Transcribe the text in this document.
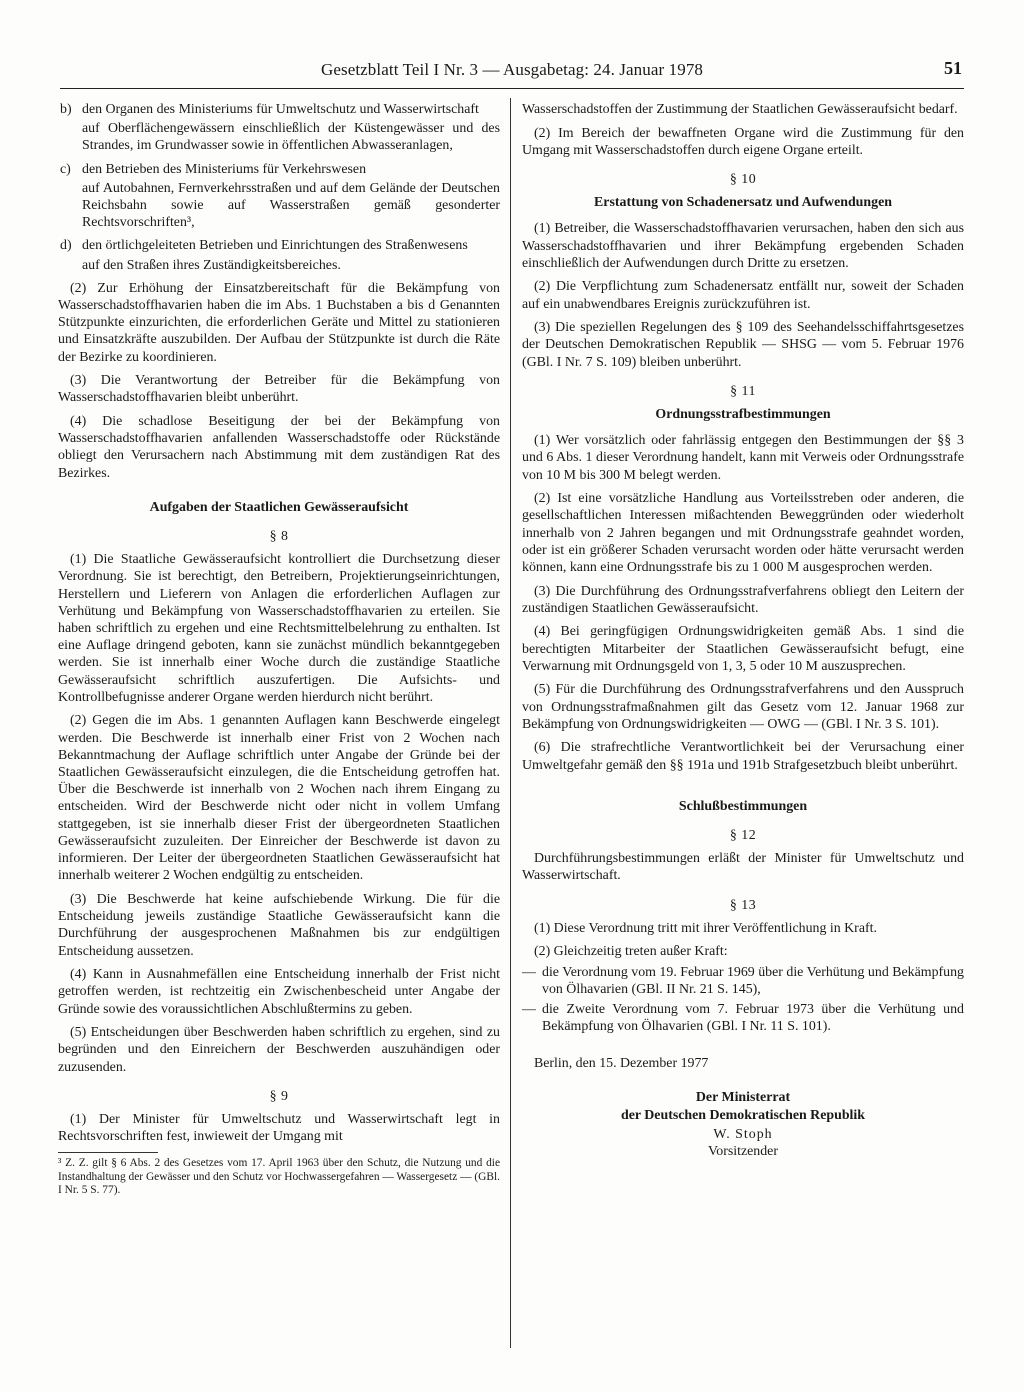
Gesetzblatt Teil I Nr. 3 — Ausgabetag: 24. Januar 1978	51
b) den Organen des Ministeriums für Umweltschutz und Wasserwirtschaft

auf Oberflächengewässern einschließlich der Küstengewässer und des Strandes, im Grundwasser sowie in öffentlichen Abwasseranlagen,

c) den Betrieben des Ministeriums für Verkehrswesen

auf Autobahnen, Fernverkehrsstraßen und auf dem Gelände der Deutschen Reichsbahn sowie auf Wasserstraßen gemäß gesonderter Rechtsvorschriften³,

d) den örtlichgeleiteten Betrieben und Einrichtungen des Straßenwesens

auf den Straßen ihres Zuständigkeitsbereiches.

(2) Zur Erhöhung der Einsatzbereitschaft für die Bekämpfung von Wasserschadstoffhavarien haben die im Abs. 1 Buchstaben a bis d Genannten Stützpunkte einzurichten, die erforderlichen Geräte und Mittel zu stationieren und Einsatzkräfte auszubilden. Der Aufbau der Stützpunkte ist durch die Räte der Bezirke zu koordinieren.

(3) Die Verantwortung der Betreiber für die Bekämpfung von Wasserschadstoffhavarien bleibt unberührt.

(4) Die schadlose Beseitigung der bei der Bekämpfung von Wasserschadstoffhavarien anfallenden Wasserschadstoffe oder Rückstände obliegt den Verursachern nach Abstimmung mit dem zuständigen Rat des Bezirkes.

Aufgaben der Staatlichen Gewässeraufsicht
§ 8

(1) Die Staatliche Gewässeraufsicht kontrolliert die Durchsetzung dieser Verordnung. Sie ist berechtigt, den Betreibern, Projektierungseinrichtungen, Herstellern und Lieferern von Anlagen die erforderlichen Auflagen zur Verhütung und Bekämpfung von Wasserschadstoffhavarien zu erteilen. Sie haben schriftlich zu ergehen und eine Rechtsmittelbelehrung zu enthalten. Ist eine Auflage dringend geboten, kann sie zunächst mündlich bekanntgegeben werden. Sie ist innerhalb einer Woche durch die zuständige Staatliche Gewässeraufsicht schriftlich auszufertigen. Die Aufsichts- und Kontrollbefugnisse anderer Organe werden hierdurch nicht berührt.

(2) Gegen die im Abs. 1 genannten Auflagen kann Beschwerde eingelegt werden. Die Beschwerde ist innerhalb einer Frist von 2 Wochen nach Bekanntmachung der Auflage schriftlich unter Angabe der Gründe bei der Staatlichen Gewässeraufsicht einzulegen, die die Entscheidung getroffen hat. Über die Beschwerde ist innerhalb von 2 Wochen nach ihrem Eingang zu entscheiden. Wird der Beschwerde nicht oder nicht in vollem Umfang stattgegeben, ist sie innerhalb dieser Frist der übergeordneten Staatlichen Gewässeraufsicht zuzuleiten. Der Einreicher der Beschwerde ist davon zu informieren. Der Leiter der übergeordneten Staatlichen Gewässeraufsicht hat innerhalb weiterer 2 Wochen endgültig zu entscheiden.

(3) Die Beschwerde hat keine aufschiebende Wirkung. Die für die Entscheidung jeweils zuständige Staatliche Gewässeraufsicht kann die Durchführung der ausgesprochenen Maßnahmen bis zur endgültigen Entscheidung aussetzen.

(4) Kann in Ausnahmefällen eine Entscheidung innerhalb der Frist nicht getroffen werden, ist rechtzeitig ein Zwischenbescheid unter Angabe der Gründe sowie des voraussichtlichen Abschlußtermins zu geben.

(5) Entscheidungen über Beschwerden haben schriftlich zu ergehen, sind zu begründen und den Einreichern der Beschwerden auszuhändigen oder zuzusenden.

§ 9

(1) Der Minister für Umweltschutz und Wasserwirtschaft legt in Rechtsvorschriften fest, inwieweit der Umgang mit

³ Z. Z. gilt § 6 Abs. 2 des Gesetzes vom 17. April 1963 über den Schutz, die Nutzung und die Instandhaltung der Gewässer und den Schutz vor Hochwassergefahren — Wassergesetz — (GBl. I Nr. 5 S. 77).

Wasserschadstoffen der Zustimmung der Staatlichen Gewässeraufsicht bedarf.

(2) Im Bereich der bewaffneten Organe wird die Zustimmung für den Umgang mit Wasserschadstoffen durch eigene Organe erteilt.

§ 10
Erstattung von Schadenersatz und Aufwendungen

(1) Betreiber, die Wasserschadstoffhavarien verursachen, haben den sich aus Wasserschadstoffhavarien und ihrer Bekämpfung ergebenden Schaden einschließlich der Aufwendungen durch Dritte zu ersetzen.

(2) Die Verpflichtung zum Schadenersatz entfällt nur, soweit der Schaden auf ein unabwendbares Ereignis zurückzuführen ist.

(3) Die speziellen Regelungen des § 109 des Seehandelsschiffahrtsgesetzes der Deutschen Demokratischen Republik — SHSG — vom 5. Februar 1976 (GBl. I Nr. 7 S. 109) bleiben unberührt.

§ 11
Ordnungsstrafbestimmungen

(1) Wer vorsätzlich oder fahrlässig entgegen den Bestimmungen der §§ 3 und 6 Abs. 1 dieser Verordnung handelt, kann mit Verweis oder Ordnungsstrafe von 10 M bis 300 M belegt werden.

(2) Ist eine vorsätzliche Handlung aus Vorteilsstreben oder anderen, die gesellschaftlichen Interessen mißachtenden Beweggründen oder wiederholt innerhalb von 2 Jahren begangen und mit Ordnungsstrafe geahndet worden, oder ist ein größerer Schaden verursacht worden oder hätte verursacht werden können, kann eine Ordnungsstrafe bis zu 1 000 M ausgesprochen werden.

(3) Die Durchführung des Ordnungsstrafverfahrens obliegt den Leitern der zuständigen Staatlichen Gewässeraufsicht.

(4) Bei geringfügigen Ordnungswidrigkeiten gemäß Abs. 1 sind die berechtigten Mitarbeiter der Staatlichen Gewässeraufsicht befugt, eine Verwarnung mit Ordnungsgeld von 1, 3, 5 oder 10 M auszusprechen.

(5) Für die Durchführung des Ordnungsstrafverfahrens und den Ausspruch von Ordnungsstrafmaßnahmen gilt das Gesetz vom 12. Januar 1968 zur Bekämpfung von Ordnungswidrigkeiten — OWG — (GBl. I Nr. 3 S. 101).

(6) Die strafrechtliche Verantwortlichkeit bei der Verursachung einer Umweltgefahr gemäß den §§ 191a und 191b Strafgesetzbuch bleibt unberührt.

Schlußbestimmungen
§ 12

Durchführungsbestimmungen erläßt der Minister für Umweltschutz und Wasserwirtschaft.

§ 13

(1) Diese Verordnung tritt mit ihrer Veröffentlichung in Kraft.

(2) Gleichzeitig treten außer Kraft:

— die Verordnung vom 19. Februar 1969 über die Verhütung und Bekämpfung von Ölhavarien (GBl. II Nr. 21 S. 145),
— die Zweite Verordnung vom 7. Februar 1973 über die Verhütung und Bekämpfung von Ölhavarien (GBl. I Nr. 11 S. 101).
Berlin, den 15. Dezember 1977
Der Ministerrat
der Deutschen Demokratischen Republik
W. Stoph
Vorsitzender
